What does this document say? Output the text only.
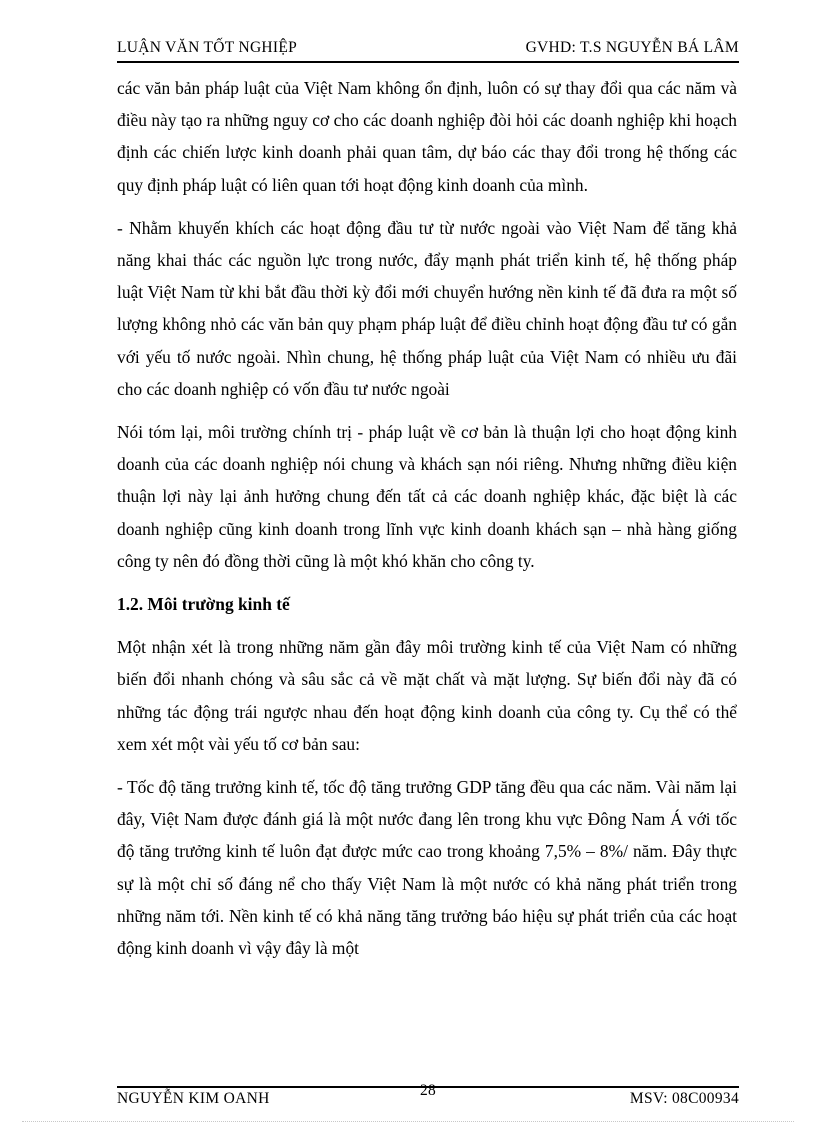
LUẬN VĂN TỐT NGHIỆP	GVHD: T.S NGUYỄN BÁ LÂM

các văn bản pháp luật của Việt Nam không ổn định, luôn có sự thay đổi qua các năm và điều này tạo ra những nguy cơ cho các doanh nghiệp đòi hỏi các doanh nghiệp khi hoạch định các chiến lược kinh doanh phải quan tâm, dự báo các thay đổi trong hệ thống các quy định pháp luật có liên quan tới hoạt động kinh doanh của mình.

- Nhằm khuyến khích các hoạt động đầu tư từ nước ngoài vào Việt Nam để tăng khả năng khai thác các nguồn lực trong nước, đẩy mạnh phát triển kinh tế, hệ thống pháp luật Việt Nam từ khi bắt đầu thời kỳ đổi mới chuyển hướng nền kinh tế đã đưa ra một số lượng không nhỏ các văn bản quy phạm pháp luật để điều chỉnh hoạt động đầu tư có gắn với yếu tố nước ngoài. Nhìn chung, hệ thống pháp luật của Việt Nam có nhiều ưu đãi cho các doanh nghiệp có vốn đầu tư nước ngoài

Nói tóm lại, môi trường chính trị - pháp luật về cơ bản là thuận lợi cho hoạt động kinh doanh của các doanh nghiệp nói chung và khách sạn nói riêng. Nhưng những điều kiện thuận lợi này lại ảnh hưởng chung đến tất cả các doanh nghiệp khác, đặc biệt là các doanh nghiệp cũng kinh doanh trong lĩnh vực kinh doanh khách sạn – nhà hàng giống công ty nên đó đồng thời cũng là một khó khăn cho công ty.

1.2. Môi trường kinh tế

Một nhận xét là trong những năm gần đây môi trường kinh tế của Việt Nam có những biến đổi nhanh chóng và sâu sắc cả về mặt chất và mặt lượng. Sự biến đổi này đã có những tác động trái ngược nhau đến hoạt động kinh doanh của công ty. Cụ thể có thể xem xét một vài yếu tố cơ bản sau:

- Tốc độ tăng trưởng kinh tế, tốc độ tăng trưởng GDP tăng đều qua các năm. Vài năm lại đây, Việt Nam được đánh giá là một nước đang lên trong khu vực Đông Nam Á với tốc độ tăng trưởng kinh tế luôn đạt được mức cao trong khoảng 7,5% – 8%/ năm. Đây thực sự là một chỉ số đáng nể cho thấy Việt Nam là một nước có khả năng phát triển trong những năm tới. Nền kinh tế có khả năng tăng trưởng báo hiệu sự phát triển của các hoạt động kinh doanh vì vậy đây là một

NGUYỄN KIM OANH	28	MSV: 08C00934
